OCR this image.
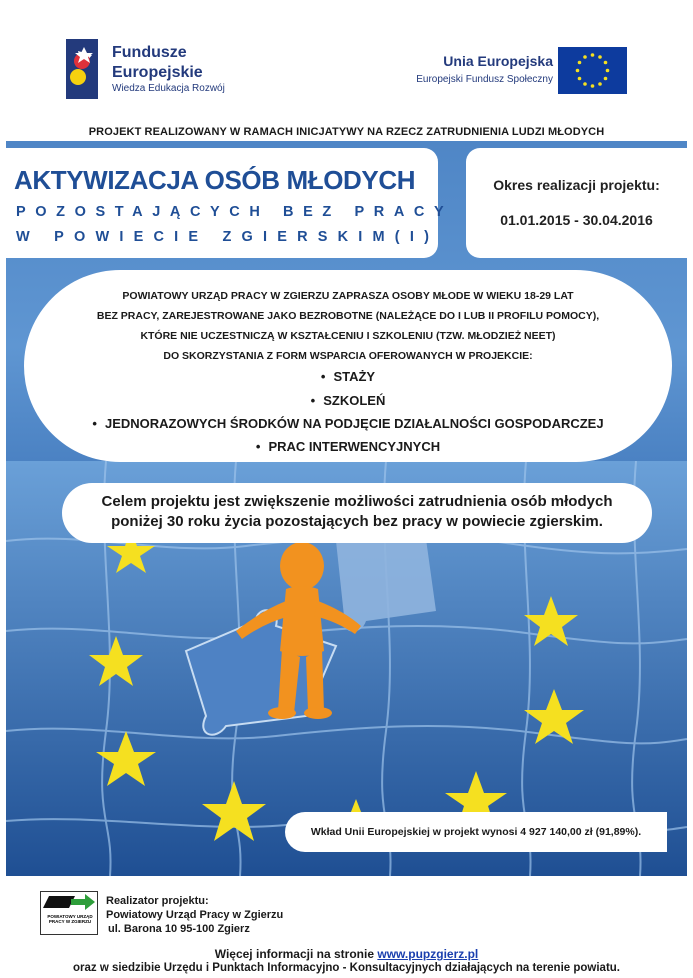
Fundusze
Europejskie
Wiedza Edukacja Rozwój
Unia Europejska
Europejski Fundusz Społeczny
PROJEKT REALIZOWANY W RAMACH INICJATYWY NA RZECZ ZATRUDNIENIA LUDZI MŁODYCH
AKTYWIZACJA OSÓB MŁODYCH
POZOSTAJĄCYCH BEZ PRACY
W POWIECIE ZGIERSKIM(I)
Okres realizacji projektu:
01.01.2015 - 30.04.2016
POWIATOWY URZĄD PRACY W ZGIERZU ZAPRASZA OSOBY MŁODE W WIEKU 18-29 LAT
BEZ PRACY, ZAREJESTROWANE JAKO BEZROBOTNE (NALEŻĄCE DO I LUB II PROFILU POMOCY),
KTÓRE NIE UCZESTNICZĄ W KSZTAŁCENIU I SZKOLENIU (TZW. MŁODZIEŻ NEET)
DO SKORZYSTANIA Z FORM WSPARCIA OFEROWANYCH W PROJEKCIE:
• STAŻY
• SZKOLEŃ
• JEDNORAZOWYCH ŚRODKÓW NA PODJĘCIE DZIAŁALNOŚCI GOSPODARCZEJ
• PRAC INTERWENCYJNYCH
Celem projektu jest zwiększenie możliwości zatrudnienia osób młodych
poniżej 30 roku życia pozostających bez pracy w powiecie zgierskim.
Wkład Unii Europejskiej w projekt wynosi 4 927 140,00 zł (91,89%).
POWIATOWY URZĄD PRACY W ZGIERZU
Realizator projektu:
Powiatowy Urząd Pracy w Zgierzu
ul. Barona 10 95-100 Zgierz
Więcej informacji na stronie www.pupzgierz.pl
oraz w siedzibie Urzędu i Punktach Informacyjno - Konsultacyjnych działających na terenie powiatu.
